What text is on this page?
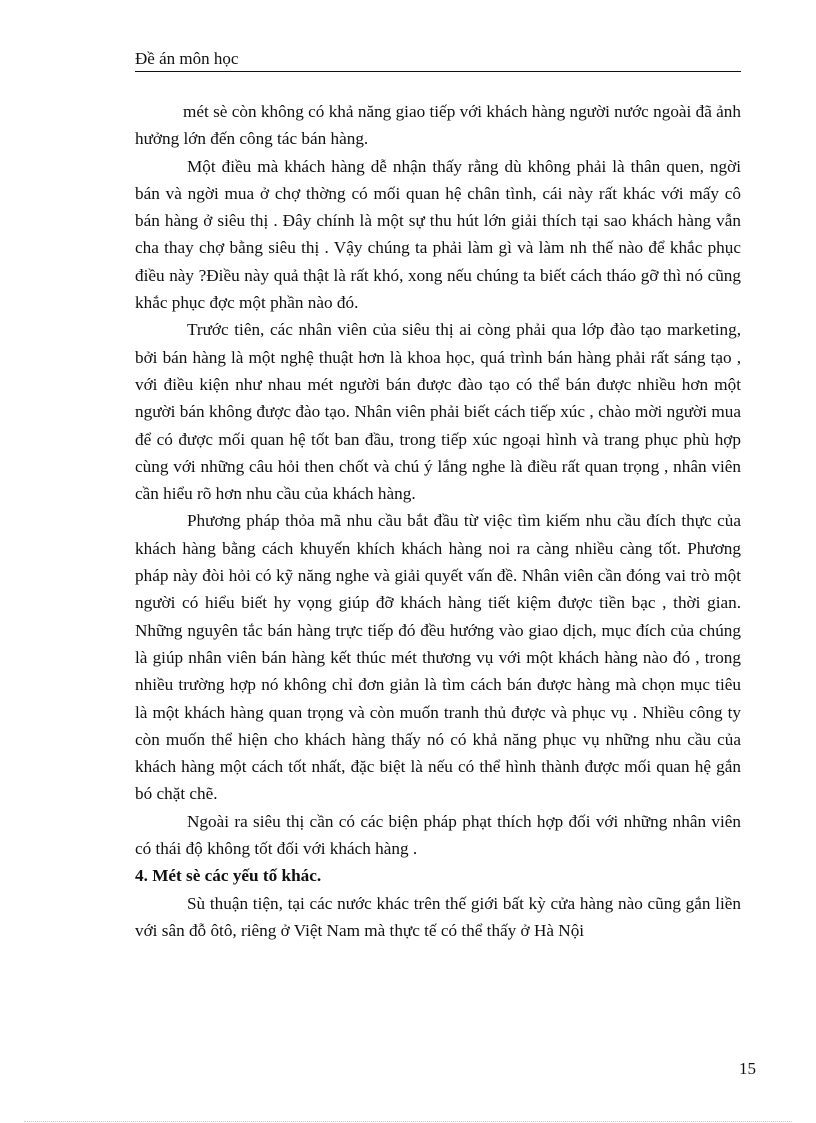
Đề án môn học

mét sè còn không có khả năng giao tiếp với khách hàng người nước ngoài đã ảnh hưởng lớn đến công tác bán hàng.

Một điều mà khách hàng dễ nhận thấy rằng dù không phải là thân quen, ngời bán và ngời mua ở chợ thờng có mối quan hệ chân tình, cái này rất khác với mấy cô bán hàng ở siêu thị . Đây chính là một sự thu hút lớn giải thích tại sao khách hàng vẫn cha thay chợ bằng siêu thị . Vậy chúng ta phải làm gì và làm nh thế nào để khắc phục điều này ?Điều này quả thật là rất khó, xong nếu chúng ta biết cách tháo gỡ thì nó cũng khắc phục đợc một phần nào đó.

Trước tiên, các nhân viên của siêu thị ai còng phải qua lớp đào tạo marketing, bởi bán hàng là một nghệ thuật hơn là khoa học, quá trình bán hàng phải rất sáng tạo , với điều kiện như nhau mét người bán được đào tạo có thể bán được nhiều hơn một người bán không được đào tạo. Nhân viên phải biết cách tiếp xúc , chào mời người mua để có được mối quan hệ tốt ban đầu, trong tiếp xúc ngoại hình và trang phục phù hợp cùng với những câu hỏi then chốt và chú ý lắng nghe là điều rất quan trọng , nhân viên cần hiểu rõ hơn nhu cầu của khách hàng.

Phương pháp thỏa mã nhu cầu bắt đầu từ việc tìm kiếm nhu cầu đích thực của khách hàng bằng cách khuyến khích khách hàng noi ra càng nhiều càng tốt. Phương pháp này đòi hỏi có kỹ năng nghe và giải quyết vấn đề. Nhân viên cần đóng vai trò một người có hiểu biết hy vọng giúp đỡ khách hàng tiết kiệm được tiền bạc , thời gian. Những nguyên tắc bán hàng trực tiếp đó đều hướng vào giao dịch, mục đích của chúng là giúp nhân viên bán hàng kết thúc mét thương vụ với một khách hàng nào đó , trong nhiều trường hợp nó không chỉ đơn giản là tìm cách bán được hàng mà chọn mục tiêu là một khách hàng quan trọng và còn muốn tranh thủ được và phục vụ . Nhiều công ty còn muốn thể hiện cho khách hàng thấy nó có khả năng phục vụ những nhu cầu của khách hàng một cách tốt nhất, đặc biệt là nếu có thể hình thành được mối quan hệ gắn bó chặt chẽ.

Ngoài ra siêu thị cần có các biện pháp phạt thích hợp đối với những nhân viên có thái độ không tốt đối với khách hàng .

4. Mét sè các yếu tố khác.

Sù thuận tiện, tại các nước khác trên thế giới bất kỳ cửa hàng nào cũng gắn liền với sân đỗ ôtô, riêng ở Việt Nam mà thực tế có thể thấy ở Hà Nội

15
